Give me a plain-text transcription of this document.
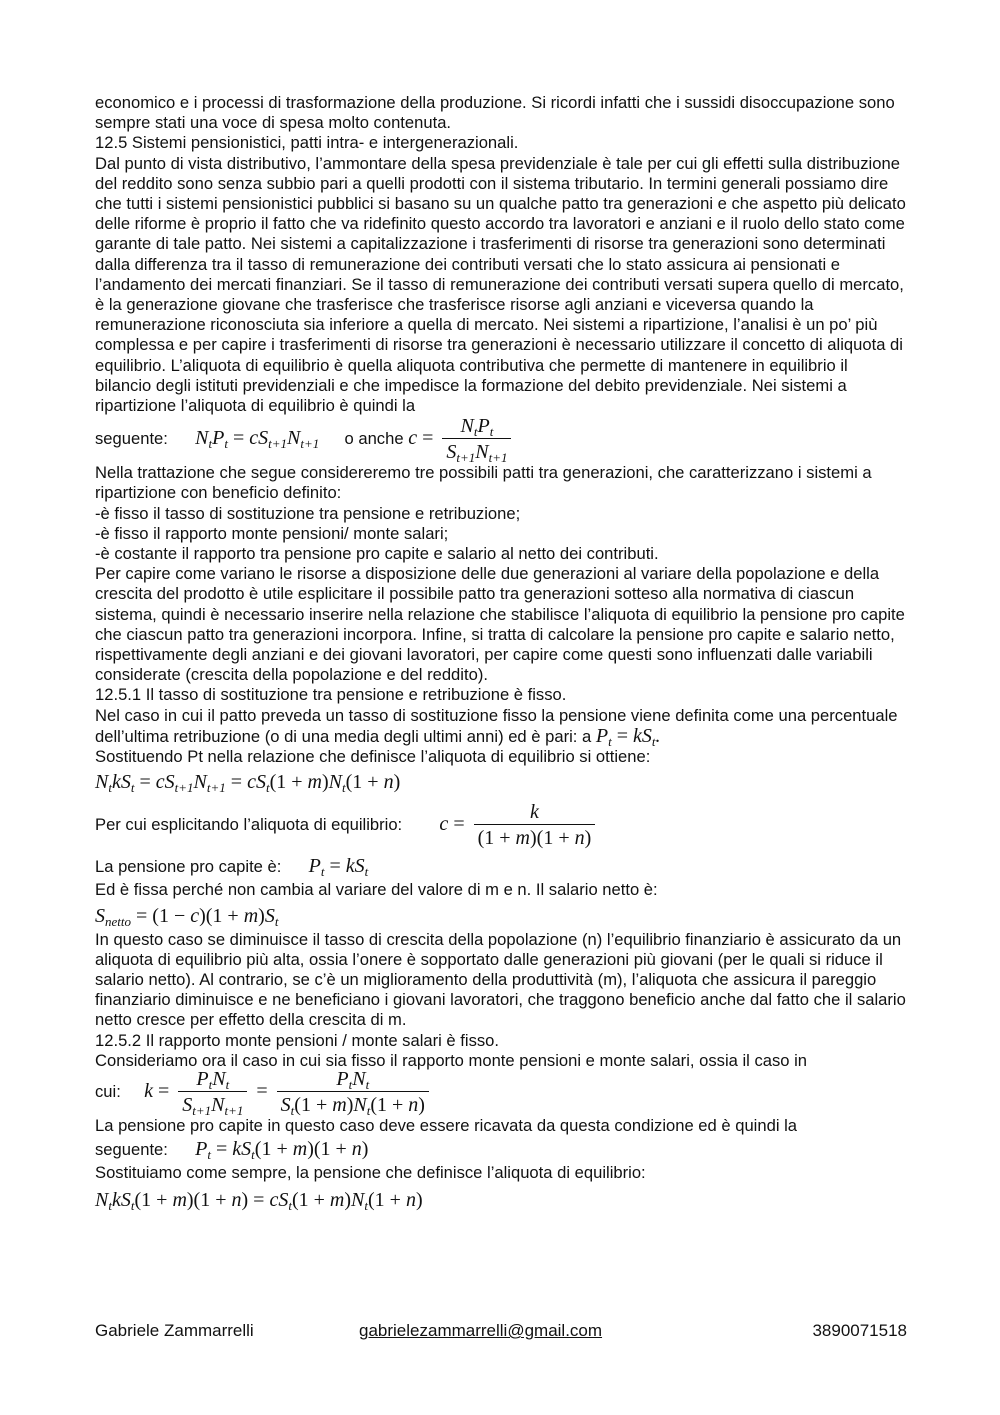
economico e i processi di trasformazione della produzione. Si ricordi infatti che i sussidi disoccupazione sono sempre stati una voce di spesa molto contenuta.

12.5 Sistemi pensionistici, patti intra- e intergenerazionali.

Dal punto di vista distributivo, l’ammontare della spesa previdenziale è tale per cui gli effetti sulla distribuzione del reddito sono senza subbio pari a quelli prodotti con il sistema tributario. In termini generali possiamo dire che tutti i sistemi pensionistici pubblici si basano su un qualche patto tra generazioni e che aspetto più delicato delle riforme è proprio il fatto che va ridefinito questo accordo tra lavoratori e anziani e il ruolo dello stato come garante di tale patto. Nei sistemi a capitalizzazione i trasferimenti di risorse tra generazioni sono determinati dalla differenza tra il tasso di remunerazione dei contributi versati che lo stato assicura ai pensionati e l’andamento dei mercati finanziari. Se il tasso di remunerazione dei contributi versati supera quello di mercato, è la generazione giovane che trasferisce che trasferisce risorse agli anziani e viceversa quando la remunerazione riconosciuta sia inferiore a quella di mercato. Nei sistemi a ripartizione, l’analisi è un po’ più complessa e per capire i trasferimenti di risorse tra generazioni è necessario utilizzare il concetto di aliquota di equilibrio. L’aliquota di equilibrio è quella aliquota contributiva che permette di mantenere in equilibrio il bilancio degli istituti previdenziali e che impedisce la formazione del debito previdenziale. Nei sistemi a ripartizione l’aliquota di equilibrio è quindi la

seguente: $N_tP_t = cS_{t+1}N_{t+1}$ o anche $c = \frac{N_tP_t}{S_{t+1}N_{t+1}}$

Nella trattazione che segue considereremo tre possibili patti tra generazioni, che caratterizzano i sistemi a ripartizione con beneficio definito:

-è fisso il tasso di sostituzione tra pensione e retribuzione;

-è fisso il rapporto monte pensioni/ monte salari;

-è costante il rapporto tra pensione pro capite e salario al netto dei contributi.

Per capire come variano le risorse a disposizione delle due generazioni al variare della popolazione e della crescita del prodotto è utile esplicitare il possibile patto tra generazioni sotteso alla normativa di ciascun sistema, quindi è necessario inserire nella relazione che stabilisce l’aliquota di equilibrio la pensione pro capite che ciascun patto tra generazioni incorpora. Infine, si tratta di calcolare la pensione pro capite e salario netto, rispettivamente degli anziani e dei giovani lavoratori, per capire come questi sono influenzati dalle variabili considerate (crescita della popolazione e del reddito).

12.5.1 Il tasso di sostituzione tra pensione e retribuzione è fisso.

Nel caso in cui il patto preveda un tasso di sostituzione fisso la pensione viene definita come una percentuale dell’ultima retribuzione (o di una media degli ultimi anni) ed è pari: a $P_t = kS_t$.

Sostituendo Pt nella relazione che definisce l’aliquota di equilibrio si ottiene:

$N_tkS_t = cS_{t+1}N_{t+1} = cS_t(1 + m)N_t(1 + n)$

Per cui esplicitando l’aliquota di equilibrio: $c = \frac{k}{(1 + m)(1 + n)}$

La pensione pro capite è: $P_t = kS_t$

Ed è fissa perché non cambia al variare del valore di m e n. Il salario netto è:

$S_{netto} = (1 - c)(1 + m)S_t$

In questo caso se diminuisce il tasso di crescita della popolazione (n) l’equilibrio finanziario è assicurato da un aliquota di equilibrio più alta, ossia l’onere è sopportato dalle generazioni più giovani (per le quali si riduce il salario netto). Al contrario, se c’è un miglioramento della produttività (m), l’aliquota che assicura il pareggio finanziario diminuisce e ne beneficiano i giovani lavoratori, che traggono beneficio anche dal fatto che il salario netto cresce per effetto della crescita di m.

12.5.2 Il rapporto monte pensioni / monte salari è fisso.

Consideriamo ora il caso in cui sia fisso il rapporto monte pensioni e monte salari, ossia il caso in

cui: $k = \frac{P_tN_t}{S_{t+1}N_{t+1}} = \frac{P_tN_t}{S_t(1 + m)N_t(1 + n)}$

La pensione pro capite in questo caso deve essere ricavata da questa condizione ed è quindi la

seguente: $P_t = kS_t(1 + m)(1 + n)$

Sostituiamo come sempre, la pensione che definisce l’aliquota di equilibrio:

$N_tkS_t(1 + m)(1 + n) = cS_t(1 + m)N_t(1 + n)$

Gabriele Zammarrelli	gabrielezammarrelli@gmail.com	3890071518
